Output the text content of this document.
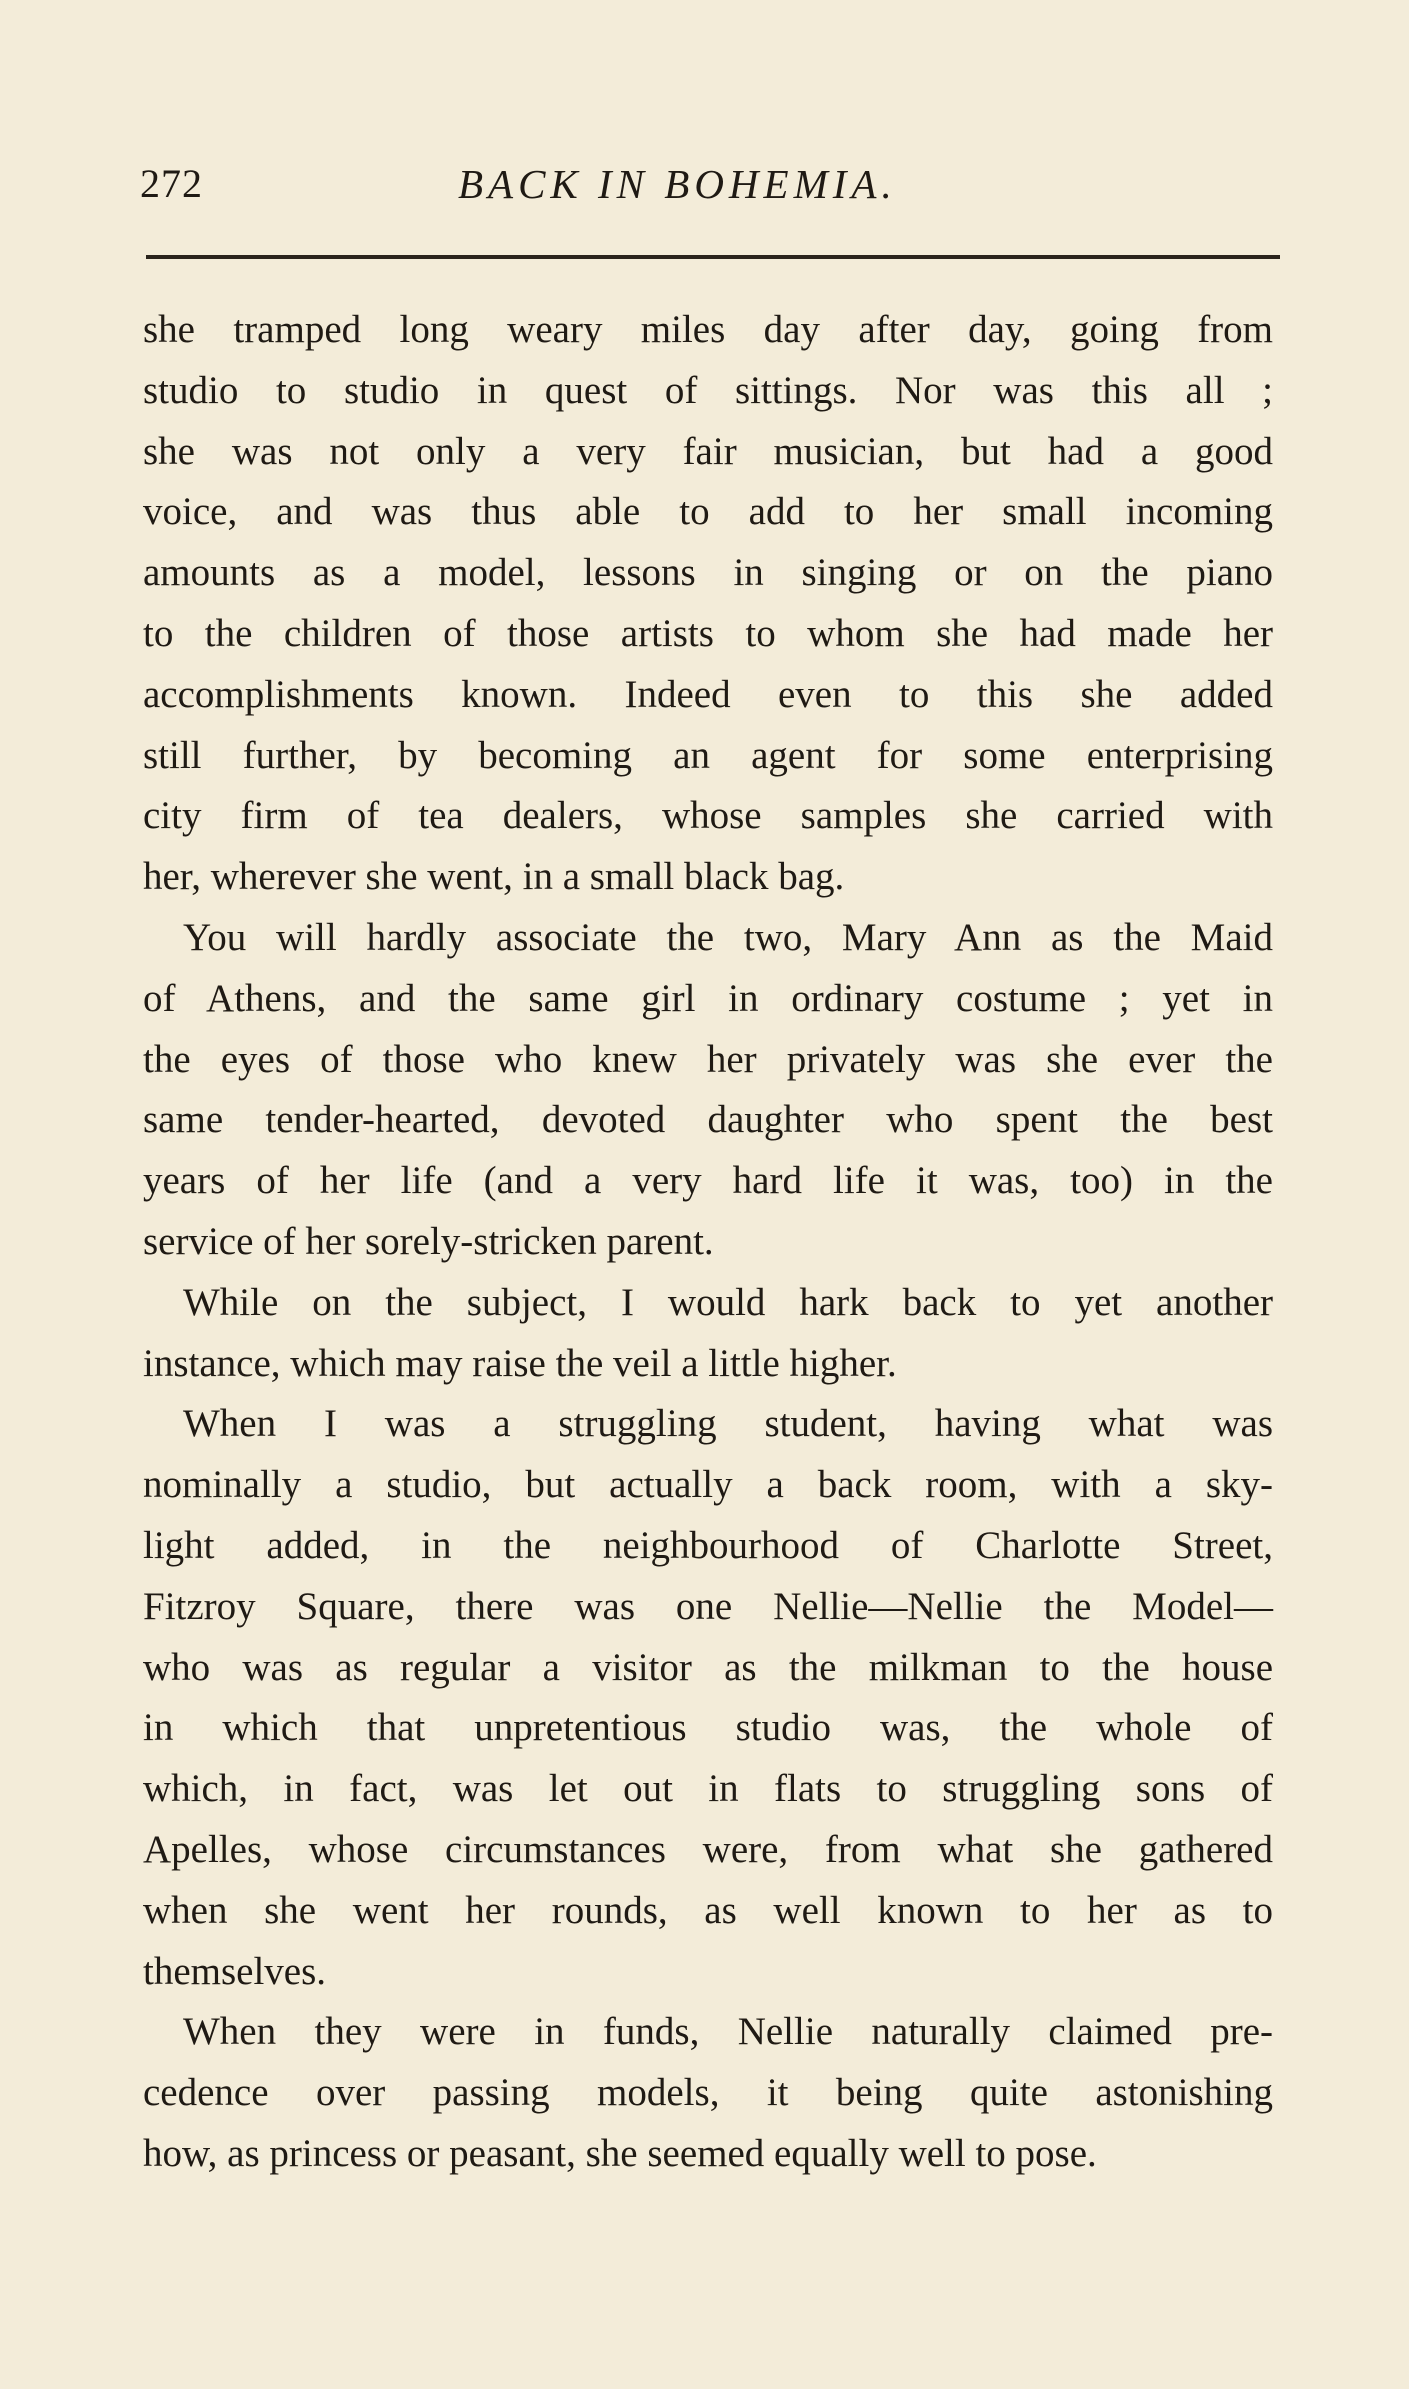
272	BACK IN BOHEMIA.

she tramped long weary miles day after day, going from
studio to studio in quest of sittings. Nor was this all ;
she was not only a very fair musician, but had a good
voice, and was thus able to add to her small incoming
amounts as a model, lessons in singing or on the piano
to the children of those artists to whom she had made her
accomplishments known. Indeed even to this she added
still further, by becoming an agent for some enterprising
city firm of tea dealers, whose samples she carried with
her, wherever she went, in a small black bag.

You will hardly associate the two, Mary Ann as the Maid
of Athens, and the same girl in ordinary costume ; yet in
the eyes of those who knew her privately was she ever the
same tender-hearted, devoted daughter who spent the best
years of her life (and a very hard life it was, too) in the
service of her sorely-stricken parent.

While on the subject, I would hark back to yet another
instance, which may raise the veil a little higher.

When I was a struggling student, having what was
nominally a studio, but actually a back room, with a sky-
light added, in the neighbourhood of Charlotte Street,
Fitzroy Square, there was one Nellie—Nellie the Model—
who was as regular a visitor as the milkman to the house
in which that unpretentious studio was, the whole of
which, in fact, was let out in flats to struggling sons of
Apelles, whose circumstances were, from what she gathered
when she went her rounds, as well known to her as to
themselves.

When they were in funds, Nellie naturally claimed pre-
cedence over passing models, it being quite astonishing
how, as princess or peasant, she seemed equally well to pose.
